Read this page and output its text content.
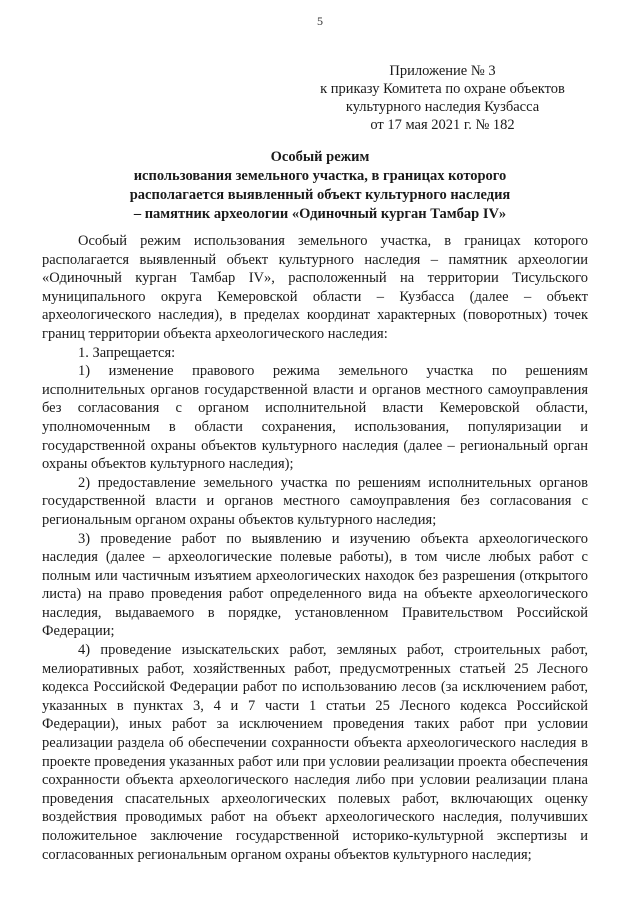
5
Приложение № 3
к приказу Комитета по охране объектов
культурного наследия Кузбасса
от 17 мая 2021 г. № 182
Особый режим
использования земельного участка, в границах которого
располагается выявленный объект культурного наследия
– памятник археологии «Одиночный курган Тамбар IV»

Особый режим использования земельного участка, в границах которого располагается выявленный объект культурного наследия – памятник археологии «Одиночный курган Тамбар IV», расположенный на территории Тисульского муниципального округа Кемеровской области – Кузбасса (далее – объект археологического наследия), в пределах координат характерных (поворотных) точек границ территории объекта археологического наследия:

1. Запрещается:

1) изменение правового режима земельного участка по решениям исполнительных органов государственной власти и органов местного самоуправления без согласования с органом исполнительной власти Кемеровской области, уполномоченным в области сохранения, использования, популяризации и государственной охраны объектов культурного наследия (далее – региональный орган охраны объектов культурного наследия);

2) предоставление земельного участка по решениям исполнительных органов государственной власти и органов местного самоуправления без согласования с региональным органом охраны объектов культурного наследия;

3) проведение работ по выявлению и изучению объекта археологического наследия (далее – археологические полевые работы), в том числе любых работ с полным или частичным изъятием археологических находок без разрешения (открытого листа) на право проведения работ определенного вида на объекте археологического наследия, выдаваемого в порядке, установленном Правительством Российской Федерации;

4) проведение изыскательских работ, земляных работ, строительных работ, мелиоративных работ, хозяйственных работ, предусмотренных статьей 25 Лесного кодекса Российской Федерации работ по использованию лесов (за исключением работ, указанных в пунктах 3, 4 и 7 части 1 статьи 25 Лесного кодекса Российской Федерации), иных работ за исключением проведения таких работ при условии реализации раздела об обеспечении сохранности объекта археологического наследия в проекте проведения указанных работ или при условии реализации проекта обеспечения сохранности объекта археологического наследия либо при условии реализации плана проведения спасательных археологических полевых работ, включающих оценку воздействия проводимых работ на объект археологического наследия, получивших положительное заключение государственной историко-культурной экспертизы и согласованных региональным органом охраны объектов культурного наследия;
